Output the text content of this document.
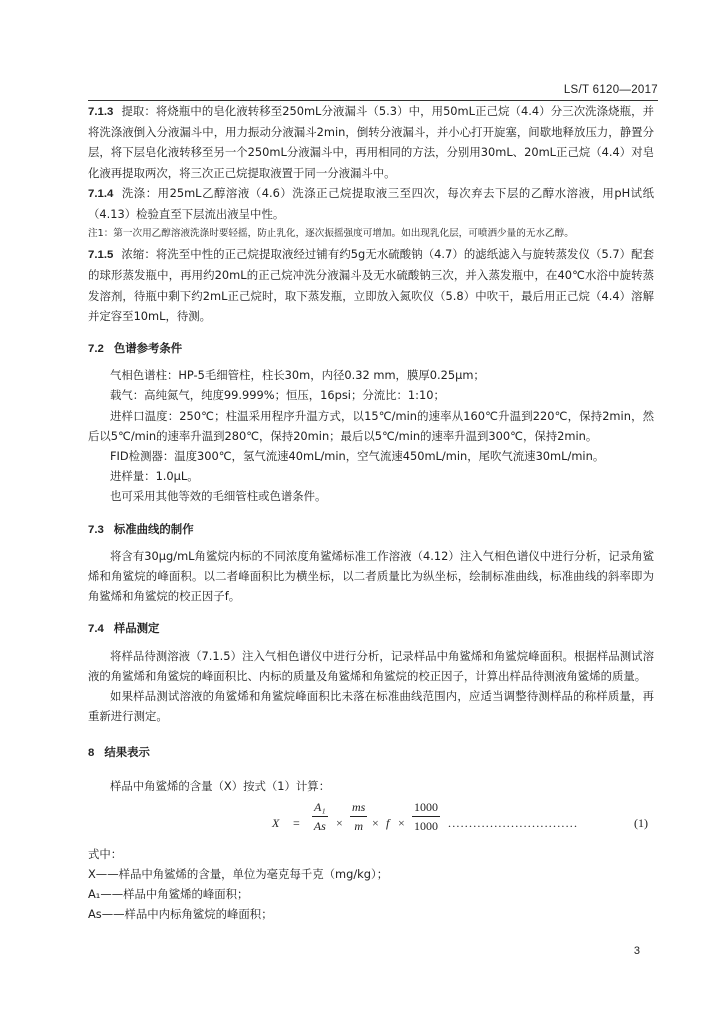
LS/T 6120—2017

7.1.3 提取：将烧瓶中的皂化液转移至250mL分液漏斗（5.3）中，用50mL正己烷（4.4）分三次洗涤烧瓶，并将洗涤液倒入分液漏斗中，用力振动分液漏斗2min，倒转分液漏斗，并小心打开旋塞，间歇地释放压力，静置分层，将下层皂化液转移至另一个250mL分液漏斗中，再用相同的方法，分别用30mL、20mL正己烷（4.4）对皂化液再提取两次，将三次正己烷提取液置于同一分液漏斗中。

7.1.4 洗涤：用25mL乙醇溶液（4.6）洗涤正己烷提取液三至四次，每次弃去下层的乙醇水溶液，用pH试纸（4.13）检验直至下层流出液呈中性。

注1：第一次用乙醇溶液洗涤时要轻摇，防止乳化，逐次振摇强度可增加。如出现乳化层，可喷洒少量的无水乙醇。

7.1.5 浓缩：将洗至中性的正己烷提取液经过铺有约5g无水硫酸钠（4.7）的滤纸滤入与旋转蒸发仪（5.7）配套的球形蒸发瓶中，再用约20mL的正己烷冲洗分液漏斗及无水硫酸钠三次，并入蒸发瓶中，在40℃水浴中旋转蒸发溶剂，待瓶中剩下约2mL正己烷时，取下蒸发瓶，立即放入氮吹仪（5.8）中吹干，最后用正己烷（4.4）溶解并定容至10mL，待测。

7.2 色谱参考条件

气相色谱柱：HP-5毛细管柱，柱长30m，内径0.32 mm，膜厚0.25μm；

载气：高纯氮气，纯度99.999%；恒压，16psi；分流比：1:10；

进样口温度：250℃；柱温采用程序升温方式，以15℃/min的速率从160℃升温到220℃，保持2min，然后以5℃/min的速率升温到280℃，保持20min；最后以5℃/min的速率升温到300℃，保持2min。

FID检测器：温度300℃，氢气流速40mL/min，空气流速450mL/min，尾吹气流速30mL/min。

进样量：1.0μL。

也可采用其他等效的毛细管柱或色谱条件。

7.3 标准曲线的制作

将含有30μg/mL角鲨烷内标的不同浓度角鲨烯标准工作溶液（4.12）注入气相色谱仪中进行分析，记录角鲨烯和角鲨烷的峰面积。以二者峰面积比为横坐标，以二者质量比为纵坐标，绘制标准曲线，标准曲线的斜率即为角鲨烯和角鲨烷的校正因子f。

7.4 样品测定

将样品待测溶液（7.1.5）注入气相色谱仪中进行分析，记录样品中角鲨烯和角鲨烷峰面积。根据样品测试溶液的角鲨烯和角鲨烷的峰面积比、内标的质量及角鲨烯和角鲨烷的校正因子，计算出样品待测液角鲨烯的质量。

如果样品测试溶液的角鲨烯和角鲨烷峰面积比未落在标准曲线范围内，应适当调整待测样品的称样质量，再重新进行测定。

8 结果表示

样品中角鲨烯的含量（X）按式（1）计算：

$X = \frac{\text{A₁}}{As} \times \frac{ms}{m} \times f \times \frac{1000}{1000}$ ...............................	(1)

式中：

X——样品中角鲨烯的含量，单位为毫克每千克（mg/kg）；

A₁——样品中角鲨烯的峰面积；

As——样品中内标角鲨烷的峰面积；

3
